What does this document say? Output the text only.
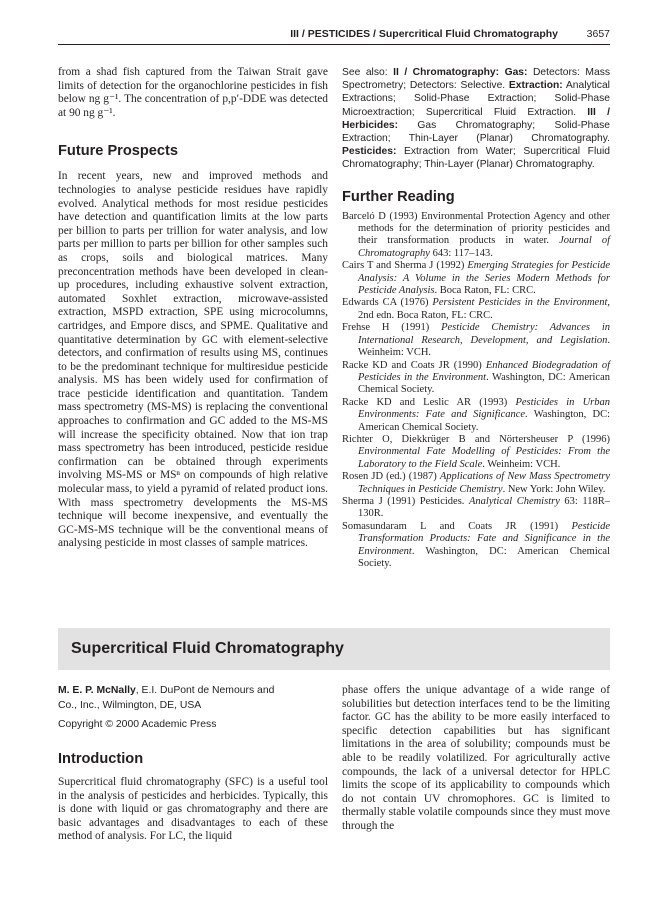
III / PESTICIDES / Supercritical Fluid Chromatography	3657

from a shad fish captured from the Taiwan Strait gave limits of detection for the organochlorine pesticides in fish below ng g⁻¹. The concentration of p,p′-DDE was detected at 90 ng g⁻¹.

Future Prospects

In recent years, new and improved methods and technologies to analyse pesticide residues have rapidly evolved. Analytical methods for most residue pesticides have detection and quantification limits at the low parts per billion to parts per trillion for water analysis, and low parts per million to parts per billion for other samples such as crops, soils and biological matrices. Many preconcentration methods have been developed in clean-up procedures, including exhaustive solvent extraction, automated Soxhlet extraction, microwave-assisted extraction, MSPD extraction, SPE using microcolumns, cartridges, and Empore discs, and SPME. Qualitative and quantitative determination by GC with element-selective detectors, and confirmation of results using MS, continues to be the predominant technique for multiresidue pesticide analysis. MS has been widely used for confirmation of trace pesticide identification and quantitation. Tandem mass spectrometry (MS-MS) is replacing the conventional approaches to confirmation and GC added to the MS-MS will increase the specificity obtained. Now that ion trap mass spectrometry has been introduced, pesticide residue confirmation can be obtained through experiments involving MS-MS or MSⁿ on compounds of high relative molecular mass, to yield a pyramid of related product ions. With mass spectrometry developments the MS-MS technique will become inexpensive, and eventually the GC-MS-MS technique will be the conventional means of analysing pesticide in most classes of sample matrices.

See also: II / Chromatography: Gas: Detectors: Mass Spectrometry; Detectors: Selective. Extraction: Analytical Extractions; Solid-Phase Extraction; Solid-Phase Microextraction; Supercritical Fluid Extraction. III / Herbicides: Gas Chromatography; Solid-Phase Extraction; Thin-Layer (Planar) Chromatography. Pesticides: Extraction from Water; Supercritical Fluid Chromatography; Thin-Layer (Planar) Chromatography.

Further Reading
Barceló D (1993) Environmental Protection Agency and other methods for the determination of priority pesticides and their transformation products in water. Journal of Chromatography 643: 117–143.
Cairs T and Sherma J (1992) Emerging Strategies for Pesticide Analysis: A Volume in the Series Modern Methods for Pesticide Analysis. Boca Raton, FL: CRC.
Edwards CA (1976) Persistent Pesticides in the Environment, 2nd edn. Boca Raton, FL: CRC.
Frehse H (1991) Pesticide Chemistry: Advances in International Research, Development, and Legislation. Weinheim: VCH.
Racke KD and Coats JR (1990) Enhanced Biodegradation of Pesticides in the Environment. Washington, DC: American Chemical Society.
Racke KD and Leslic AR (1993) Pesticides in Urban Environments: Fate and Significance. Washington, DC: American Chemical Society.
Richter O, Diekkrüger B and Nörtersheuser P (1996) Environmental Fate Modelling of Pesticides: From the Laboratory to the Field Scale. Weinheim: VCH.
Rosen JD (ed.) (1987) Applications of New Mass Spectrometry Techniques in Pesticide Chemistry. New York: John Wiley.
Sherma J (1991) Pesticides. Analytical Chemistry 63: 118R–130R.
Somasundaram L and Coats JR (1991) Pesticide Transformation Products: Fate and Significance in the Environment. Washington, DC: American Chemical Society.
Supercritical Fluid Chromatography

M. E. P. McNally, E.I. DuPont de Nemours and
Co., Inc., Wilmington, DE, USA

Copyright © 2000 Academic Press

Introduction

Supercritical fluid chromatography (SFC) is a useful tool in the analysis of pesticides and herbicides. Typically, this is done with liquid or gas chromatography and there are basic advantages and disadvantages to each of these method of analysis. For LC, the liquid

phase offers the unique advantage of a wide range of solubilities but detection interfaces tend to be the limiting factor. GC has the ability to be more easily interfaced to specific detection capabilities but has significant limitations in the area of solubility; compounds must be able to be readily volatilized. For agriculturally active compounds, the lack of a universal detector for HPLC limits the scope of its applicability to compounds which do not contain UV chromophores. GC is limited to thermally stable volatile compounds since they must move through the
